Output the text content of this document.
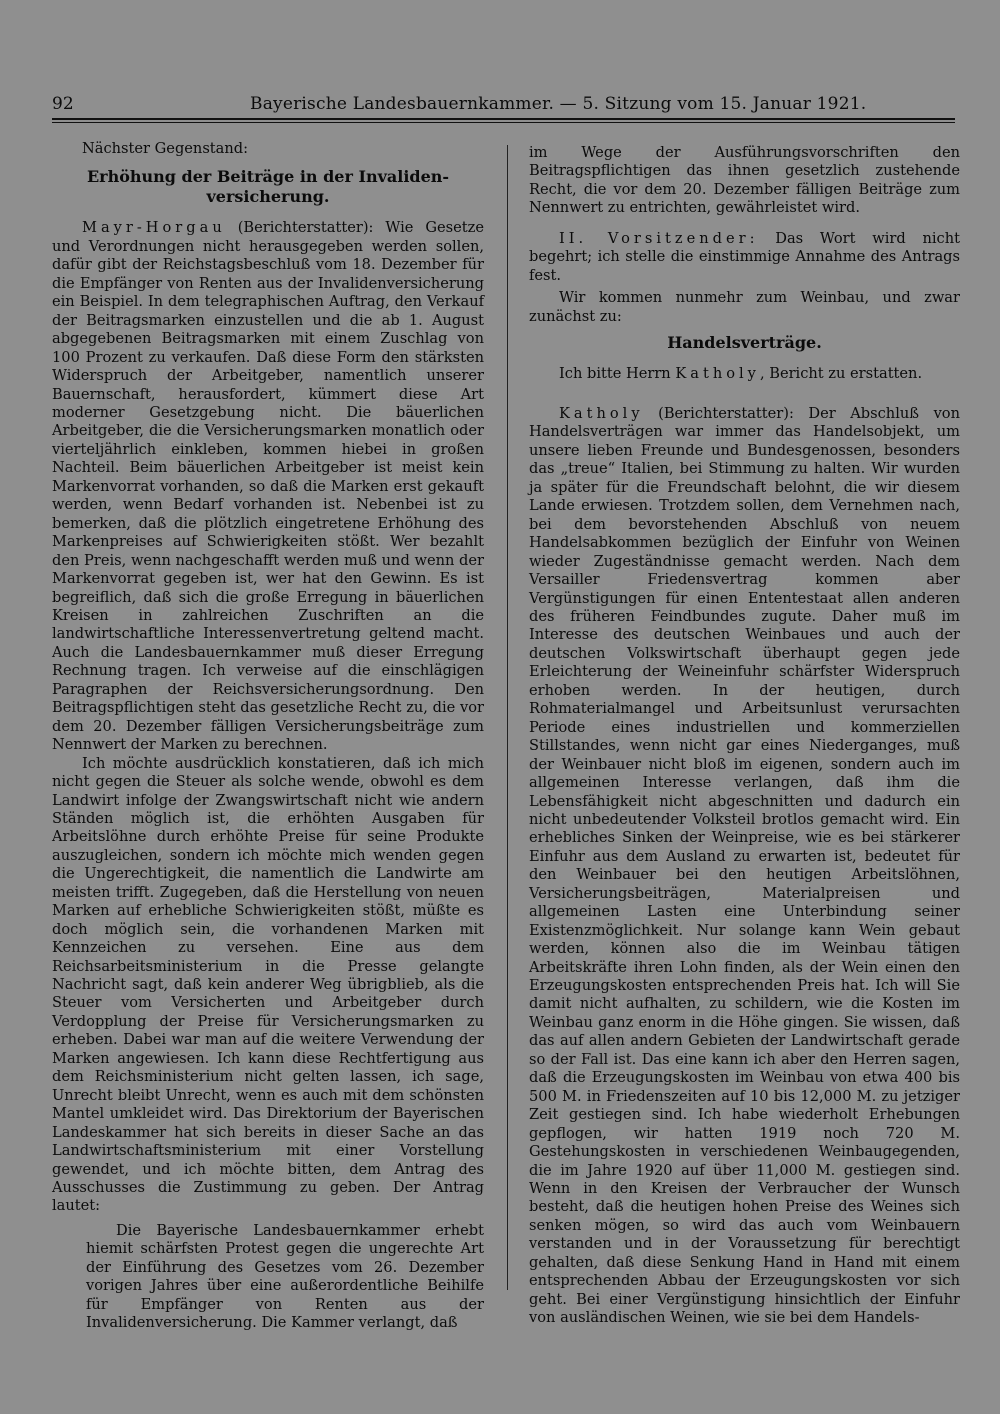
92	Bayerische Landesbauernkammer. — 5. Sitzung vom 15. Januar 1921.

Nächster Gegenstand:

Erhöhung der Beiträge in der Invaliden-versicherung.

Mayr-Horgau (Berichterstatter): Wie Gesetze und Verordnungen nicht herausgegeben werden sollen, dafür gibt der Reichstagsbeschluß vom 18. Dezember für die Empfänger von Renten aus der Invalidenversicherung ein Beispiel. In dem telegraphischen Auftrag, den Verkauf der Beitragsmarken einzustellen und die ab 1. August abgegebenen Beitragsmarken mit einem Zuschlag von 100 Prozent zu verkaufen. Daß diese Form den stärksten Widerspruch der Arbeitgeber, namentlich unserer Bauernschaft, herausfordert, kümmert diese Art moderner Gesetzgebung nicht. Die bäuerlichen Arbeitgeber, die die Versicherungsmarken monatlich oder vierteljährlich einkleben, kommen hiebei in großen Nachteil. Beim bäuerlichen Arbeitgeber ist meist kein Markenvorrat vorhanden, so daß die Marken erst gekauft werden, wenn Bedarf vorhanden ist. Nebenbei ist zu bemerken, daß die plötzlich eingetretene Erhöhung des Markenpreises auf Schwierigkeiten stößt. Wer bezahlt den Preis, wenn nachgeschafft werden muß und wenn der Markenvorrat gegeben ist, wer hat den Gewinn. Es ist begreiflich, daß sich die große Erregung in bäuerlichen Kreisen in zahlreichen Zuschriften an die landwirtschaftliche Interessenvertretung geltend macht. Auch die Landesbauernkammer muß dieser Erregung Rechnung tragen. Ich verweise auf die einschlägigen Paragraphen der Reichsversicherungsordnung. Den Beitragspflichtigen steht das gesetzliche Recht zu, die vor dem 20. Dezember fälligen Versicherungsbeiträge zum Nennwert der Marken zu berechnen.

Ich möchte ausdrücklich konstatieren, daß ich mich nicht gegen die Steuer als solche wende, obwohl es dem Landwirt infolge der Zwangswirtschaft nicht wie andern Ständen möglich ist, die erhöhten Ausgaben für Arbeitslöhne durch erhöhte Preise für seine Produkte auszugleichen, sondern ich möchte mich wenden gegen die Ungerechtigkeit, die namentlich die Landwirte am meisten trifft. Zugegeben, daß die Herstellung von neuen Marken auf erhebliche Schwierigkeiten stößt, müßte es doch möglich sein, die vorhandenen Marken mit Kennzeichen zu versehen. Eine aus dem Reichsarbeitsministerium in die Presse gelangte Nachricht sagt, daß kein anderer Weg übrigblieb, als die Steuer vom Versicherten und Arbeitgeber durch Verdopplung der Preise für Versicherungsmarken zu erheben. Dabei war man auf die weitere Verwendung der Marken angewiesen. Ich kann diese Rechtfertigung aus dem Reichsministerium nicht gelten lassen, ich sage, Unrecht bleibt Unrecht, wenn es auch mit dem schönsten Mantel umkleidet wird. Das Direktorium der Bayerischen Landeskammer hat sich bereits in dieser Sache an das Landwirtschaftsministerium mit einer Vorstellung gewendet, und ich möchte bitten, dem Antrag des Ausschusses die Zustimmung zu geben. Der Antrag lautet:

Die Bayerische Landesbauernkammer erhebt hiemit schärfsten Protest gegen die ungerechte Art der Einführung des Gesetzes vom 26. Dezember vorigen Jahres über eine außerordentliche Beihilfe für Empfänger von Renten aus der Invalidenversicherung. Die Kammer verlangt, daß

im Wege der Ausführungsvorschriften den Beitragspflichtigen das ihnen gesetzlich zustehende Recht, die vor dem 20. Dezember fälligen Beiträge zum Nennwert zu entrichten, gewährleistet wird.

II. Vorsitzender: Das Wort wird nicht begehrt; ich stelle die einstimmige Annahme des Antrags fest.

Wir kommen nunmehr zum Weinbau, und zwar zunächst zu:

Handelsverträge.

Ich bitte Herrn Katholy, Bericht zu erstatten.

Katholy (Berichterstatter): Der Abschluß von Handelsverträgen war immer das Handelsobjekt, um unsere lieben Freunde und Bundesgenossen, besonders das „treue“ Italien, bei Stimmung zu halten. Wir wurden ja später für die Freundschaft belohnt, die wir diesem Lande erwiesen. Trotzdem sollen, dem Vernehmen nach, bei dem bevorstehenden Abschluß von neuem Handelsabkommen bezüglich der Einfuhr von Weinen wieder Zugeständnisse gemacht werden. Nach dem Versailler Friedensvertrag kommen aber Vergünstigungen für einen Ententestaat allen anderen des früheren Feindbundes zugute. Daher muß im Interesse des deutschen Weinbaues und auch der deutschen Volkswirtschaft überhaupt gegen jede Erleichterung der Weineinfuhr schärfster Widerspruch erhoben werden. In der heutigen, durch Rohmaterialmangel und Arbeitsunlust verursachten Periode eines industriellen und kommerziellen Stillstandes, wenn nicht gar eines Niederganges, muß der Weinbauer nicht bloß im eigenen, sondern auch im allgemeinen Interesse verlangen, daß ihm die Lebensfähigkeit nicht abgeschnitten und dadurch ein nicht unbedeutender Volksteil brotlos gemacht wird. Ein erhebliches Sinken der Weinpreise, wie es bei stärkerer Einfuhr aus dem Ausland zu erwarten ist, bedeutet für den Weinbauer bei den heutigen Arbeitslöhnen, Versicherungsbeiträgen, Materialpreisen und allgemeinen Lasten eine Unterbindung seiner Existenzmöglichkeit. Nur solange kann Wein gebaut werden, können also die im Weinbau tätigen Arbeitskräfte ihren Lohn finden, als der Wein einen den Erzeugungskosten entsprechenden Preis hat. Ich will Sie damit nicht aufhalten, zu schildern, wie die Kosten im Weinbau ganz enorm in die Höhe gingen. Sie wissen, daß das auf allen andern Gebieten der Landwirtschaft gerade so der Fall ist. Das eine kann ich aber den Herren sagen, daß die Erzeugungskosten im Weinbau von etwa 400 bis 500 M. in Friedenszeiten auf 10 bis 12,000 M. zu jetziger Zeit gestiegen sind. Ich habe wiederholt Erhebungen gepflogen, wir hatten 1919 noch 720 M. Gestehungskosten in verschiedenen Weinbaugegenden, die im Jahre 1920 auf über 11,000 M. gestiegen sind. Wenn in den Kreisen der Verbraucher der Wunsch besteht, daß die heutigen hohen Preise des Weines sich senken mögen, so wird das auch vom Weinbauern verstanden und in der Voraussetzung für berechtigt gehalten, daß diese Senkung Hand in Hand mit einem entsprechenden Abbau der Erzeugungskosten vor sich geht. Bei einer Vergünstigung hinsichtlich der Einfuhr von ausländischen Weinen, wie sie bei dem Handels-
